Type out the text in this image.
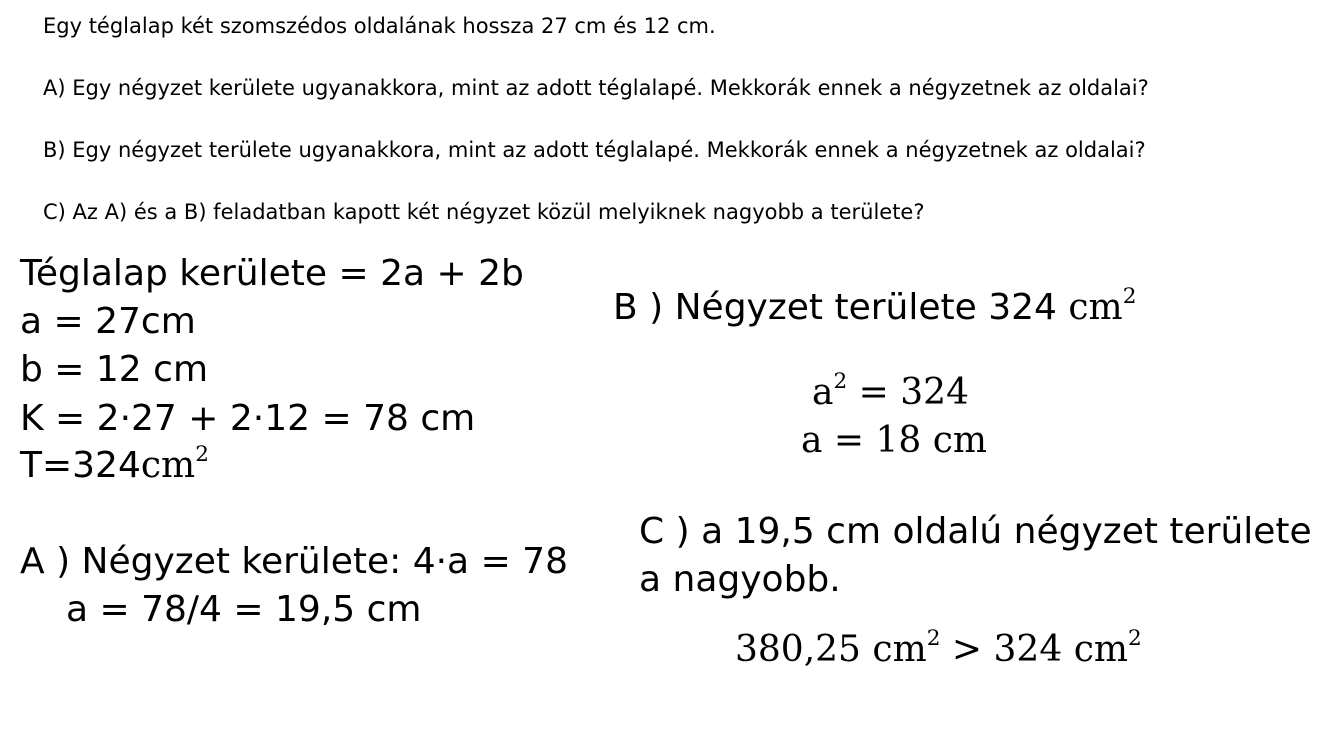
Egy téglalap két szomszédos oldalának hossza 27 cm és 12 cm.
A) Egy négyzet kerülete ugyanakkora, mint az adott téglalapé. Mekkorák ennek a négyzetnek az oldalai?
B) Egy négyzet területe ugyanakkora, mint az adott téglalapé. Mekkorák ennek a négyzetnek az oldalai?
C) Az A) és a B) feladatban kapott két négyzet közül melyiknek nagyobb a területe?
Téglalap kerülete = 2a + 2b
a = 27cm
b = 12 cm
K = 2·27 + 2·12 = 78 cm
$T=324cm^2$
A ) Négyzet kerülete: 4·a = 78
a = 78/4 = 19,5 cm
B ) Négyzet területe 324 $cm^2$
$a^2 = 324$
a = 18 cm
C ) a 19,5 cm oldalú négyzet területe
a nagyobb.
380,25 $cm^2 > 324$ $cm^2$
